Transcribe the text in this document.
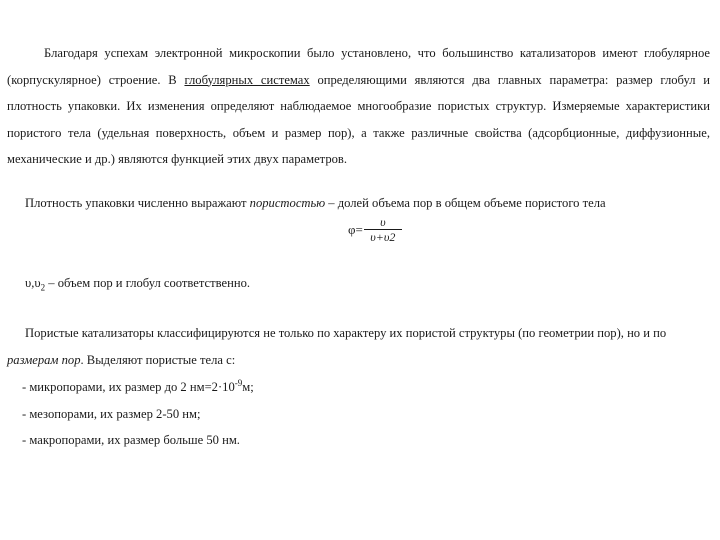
Благодаря успехам электронной микроскопии было установлено, что большинство катализаторов имеют глобулярное (корпускулярное) строение. В глобулярных системах определяющими являются два главных параметра: размер глобул и плотность упаковки. Их изменения определяют наблюдаемое многообразие пористых структур. Измеряемые характеристики пористого тела (удельная поверхность, объем и размер пор), а также различные свойства (адсорбционные, диффузионные, механические и др.) являются функцией этих двух параметров.

Плотность упаковки численно выражают пористостью – долей объема пор в общем объеме пористого тела

$\varphi= \frac{\upsilon}{\upsilon+\upsilon 2}$

$\upsilon,\upsilon_2$ – объем пор и глобул соответственно.

Пористые катализаторы классифицируются не только по характеру их пористой структуры (по геометрии пор), но и по размерам пор. Выделяют пористые тела с:

- микропорами, их размер до 2 $нм=2\cdot 10^{-9}м$;
- мезопорами, их размер 2-50 нм;
- макропорами, их размер больше 50 нм.
